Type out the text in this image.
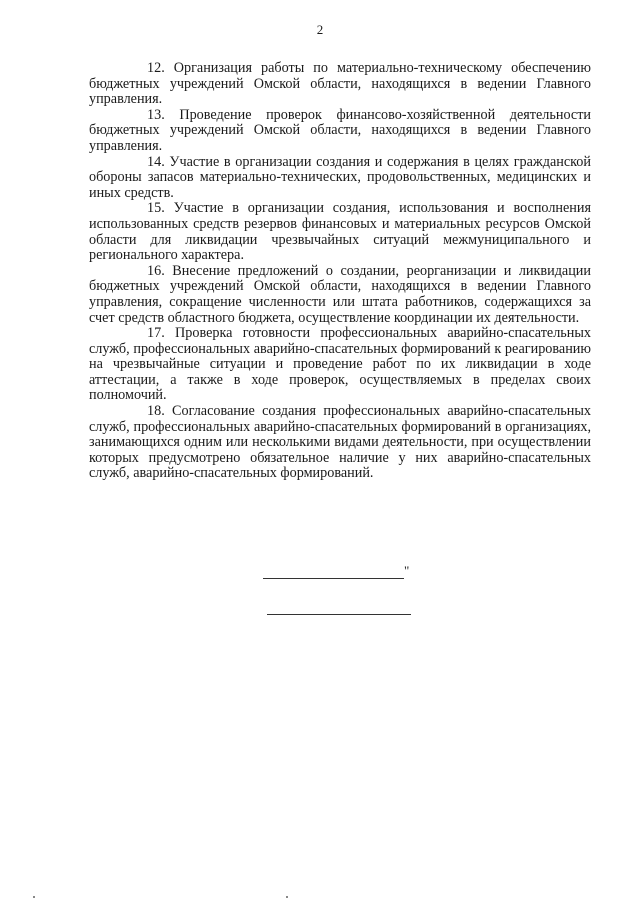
2

12. Организация работы по материально-техническому обеспечению бюджетных учреждений Омской области, находящихся в ведении Главного управления.

13. Проведение проверок финансово-хозяйственной деятельности бюджетных учреждений Омской области, находящихся в ведении Главного управления.

14. Участие в организации создания и содержания в целях гражданской обороны запасов материально-технических, продовольственных, медицинских и иных средств.

15. Участие в организации создания, использования и восполнения использованных средств резервов финансовых и материальных ресурсов Омской области для ликвидации чрезвычайных ситуаций межмуниципального и регионального характера.

16. Внесение предложений о создании, реорганизации и ликвидации бюджетных учреждений Омской области, находящихся в ведении Главного управления, сокращение численности или штата работников, содержащихся за счет средств областного бюджета, осуществление координации их деятельности.

17. Проверка готовности профессиональных аварийно-спасательных служб, профессиональных аварийно-спасательных формирований к реагированию на чрезвычайные ситуации и проведение работ по их ликвидации в ходе аттестации, а также в ходе проверок, осуществляемых в пределах своих полномочий.

18. Согласование создания профессиональных аварийно-спасательных служб, профессиональных аварийно-спасательных формирований в организациях, занимающихся одним или несколькими видами деятельности, при осуществлении которых предусмотрено обязательное наличие у них аварийно-спасательных служб, аварийно-спасательных формирований.

"
